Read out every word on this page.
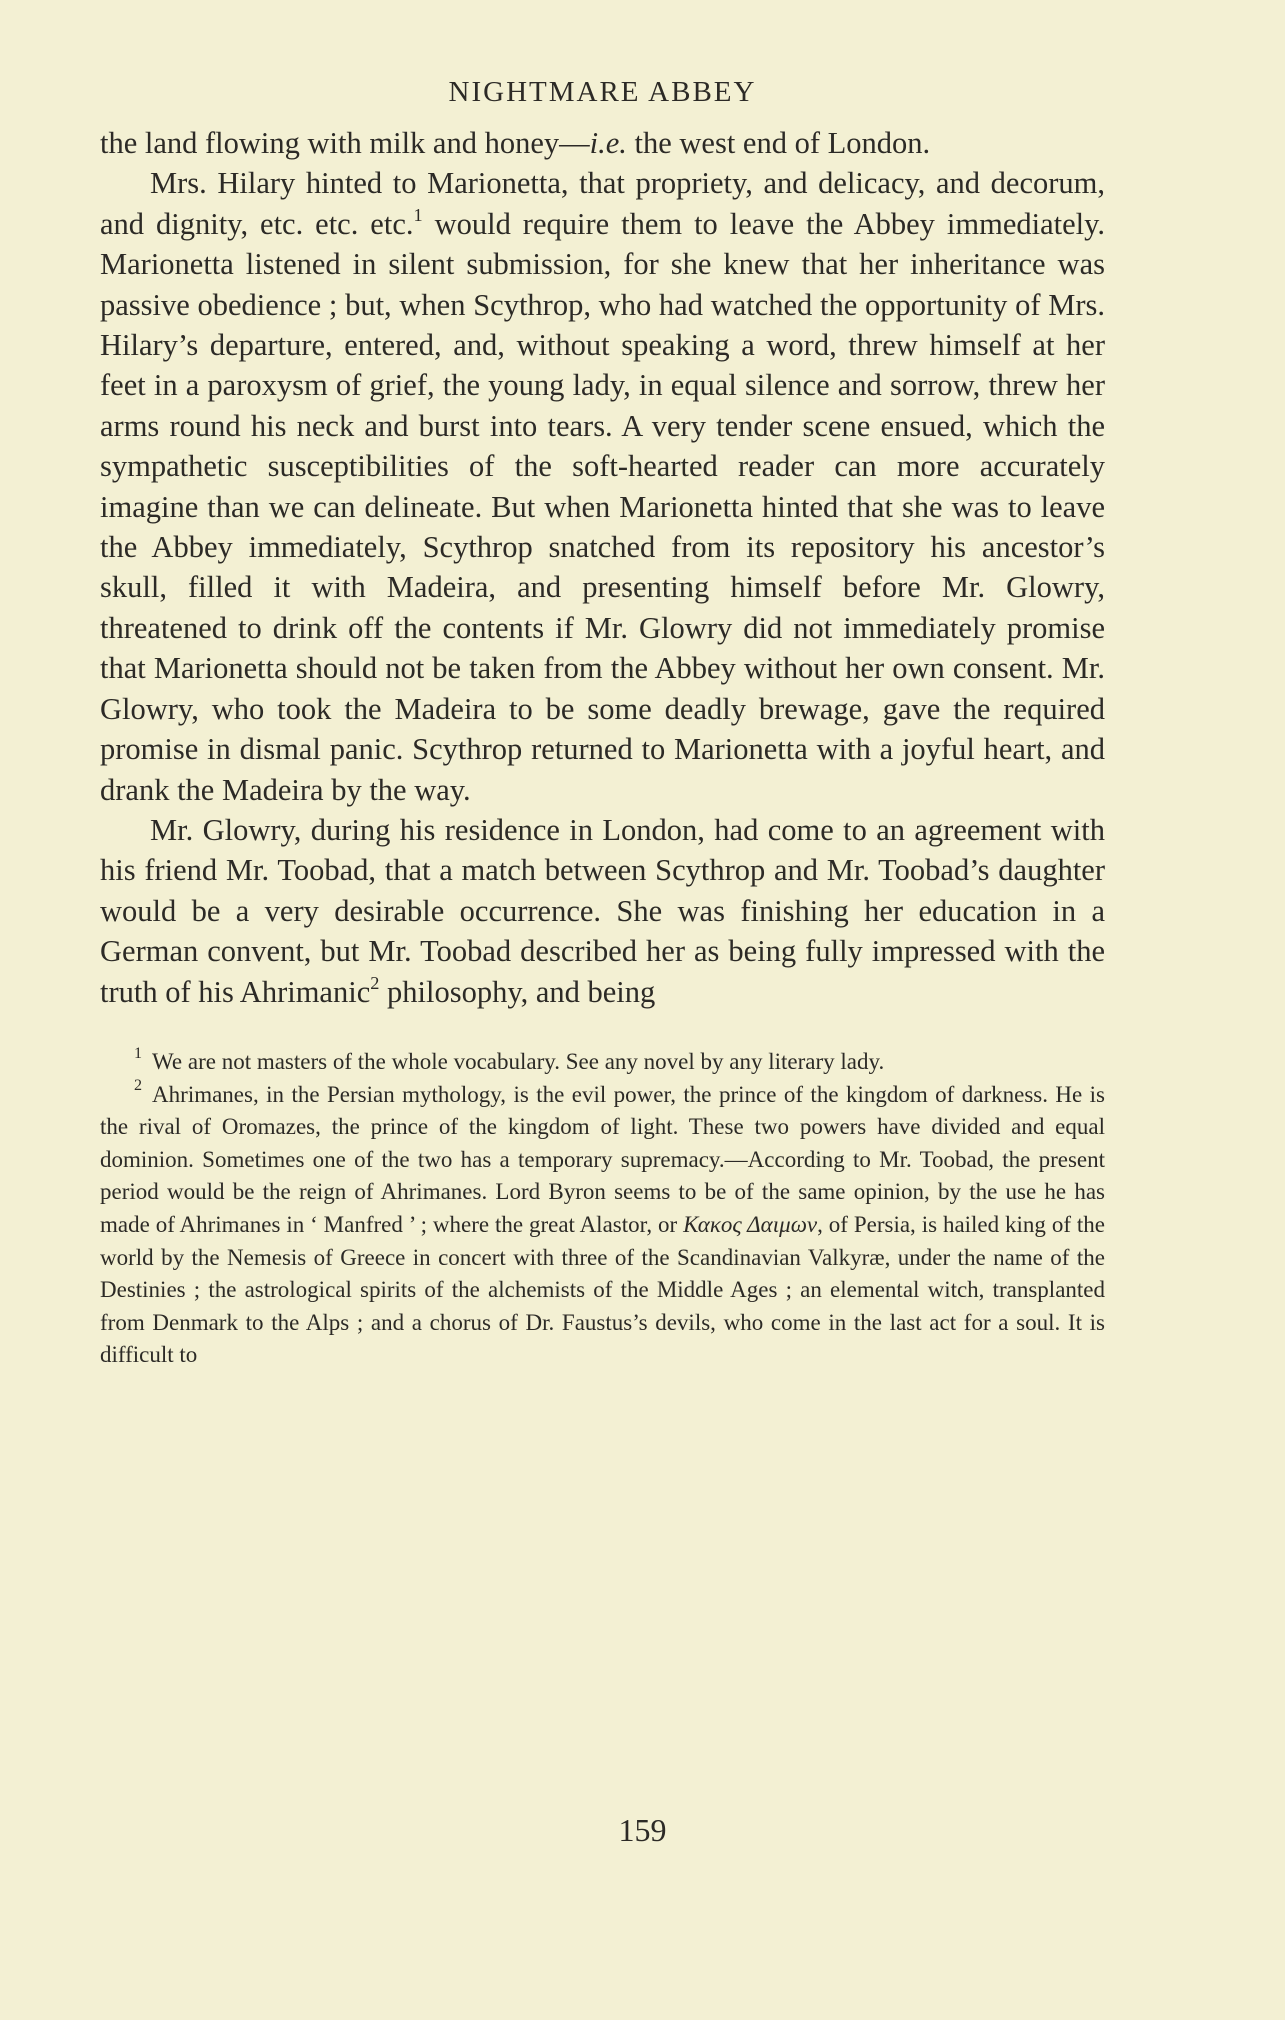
NIGHTMARE ABBEY

the land flowing with milk and honey—i.e. the west end of London.

Mrs. Hilary hinted to Marionetta, that propriety, and delicacy, and decorum, and dignity, etc. etc. etc.$^1$ would require them to leave the Abbey immediately. Marionetta listened in silent submission, for she knew that her inheritance was passive obedience ; but, when Scythrop, who had watched the opportunity of Mrs. Hilary’s departure, entered, and, without speaking a word, threw himself at her feet in a paroxysm of grief, the young lady, in equal silence and sorrow, threw her arms round his neck and burst into tears. A very tender scene ensued, which the sympathetic susceptibilities of the soft-hearted reader can more accurately imagine than we can delineate. But when Marionetta hinted that she was to leave the Abbey immediately, Scythrop snatched from its repository his ancestor’s skull, filled it with Madeira, and presenting himself before Mr. Glowry, threatened to drink off the contents if Mr. Glowry did not immediately promise that Marionetta should not be taken from the Abbey without her own consent. Mr. Glowry, who took the Madeira to be some deadly brewage, gave the required promise in dismal panic. Scythrop returned to Marionetta with a joyful heart, and drank the Madeira by the way.

Mr. Glowry, during his residence in London, had come to an agreement with his friend Mr. Toobad, that a match between Scythrop and Mr. Toobad’s daughter would be a very desirable occurrence. She was finishing her education in a German convent, but Mr. Toobad described her as being fully impressed with the truth of his Ahrimanic$^2$ philosophy, and being

$^1$ We are not masters of the whole vocabulary. See any novel by any literary lady.

$^2$ Ahrimanes, in the Persian mythology, is the evil power, the prince of the kingdom of darkness. He is the rival of Oromazes, the prince of the kingdom of light. These two powers have divided and equal dominion. Sometimes one of the two has a temporary supremacy.—According to Mr. Toobad, the present period would be the reign of Ahrimanes. Lord Byron seems to be of the same opinion, by the use he has made of Ahrimanes in ‘ Manfred ’ ; where the great Alastor, or Κακος Δαιμων, of Persia, is hailed king of the world by the Nemesis of Greece in concert with three of the Scandinavian Valkyræ, under the name of the Destinies ; the astrological spirits of the alchemists of the Middle Ages ; an elemental witch, transplanted from Denmark to the Alps ; and a chorus of Dr. Faustus’s devils, who come in the last act for a soul. It is difficult to

159
